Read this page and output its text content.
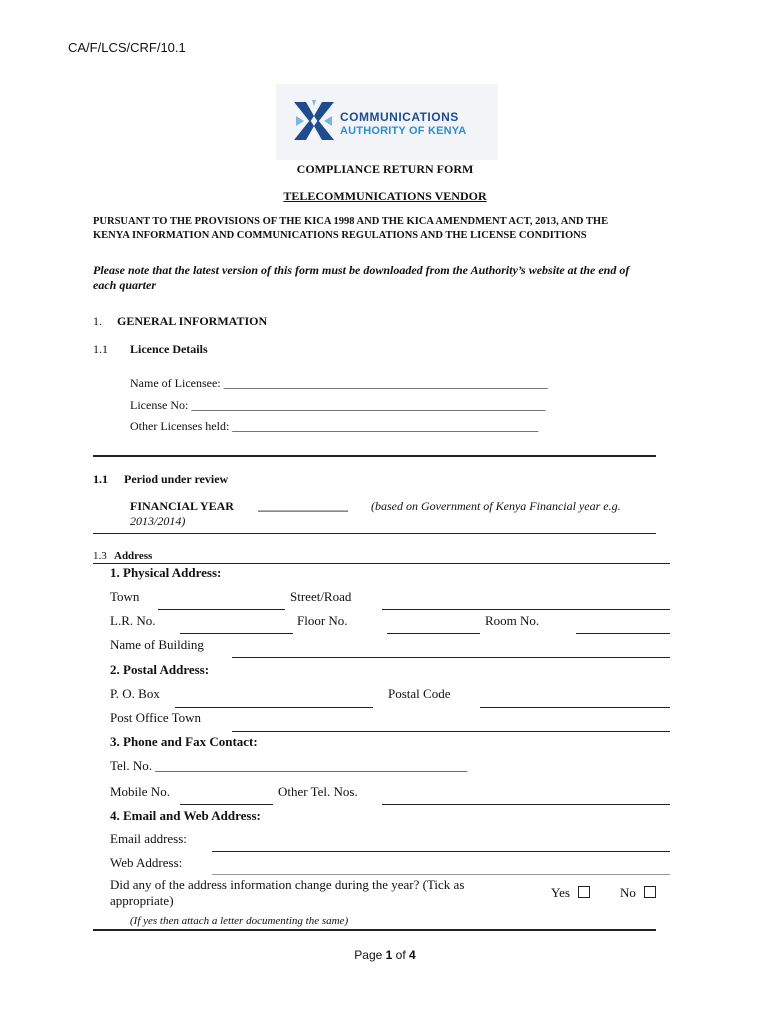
CA/F/LCS/CRF/10.1
COMMUNICATIONS
AUTHORITY OF KENYA
COMPLIANCE RETURN FORM
TELECOMMUNICATIONS VENDOR
PURSUANT TO THE PROVISIONS OF THE KICA 1998 AND THE KICA AMENDMENT ACT, 2013, AND THE
KENYA INFORMATION AND COMMUNICATIONS REGULATIONS AND THE LICENSE CONDITIONS
Please note that the latest version of this form must be downloaded from the Authority’s website at the end of
each quarter
1. GENERAL INFORMATION
1.1 Licence Details
Name of Licensee: ______________________________________________________
License No: ___________________________________________________________
Other Licenses held: ___________________________________________________
1.1 Period under review
FINANCIAL YEAR _______________ (based on Government of Kenya Financial year e.g.
2013/2014)
1.3 Address
1. Physical Address:
Town	Street/Road
L.R. No.	Floor No.	Room No.
Name of Building
2. Postal Address:
P. O. Box	Postal Code
Post Office Town
3. Phone and Fax Contact:
Tel. No. ________________________________________________
Mobile No.	Other Tel. Nos.
4. Email and Web Address:
Email address:
Web Address:
Did any of the address information change during the year? (Tick as
appropriate)
Yes	No
(If yes then attach a letter documenting the same)
Page 1 of 4
